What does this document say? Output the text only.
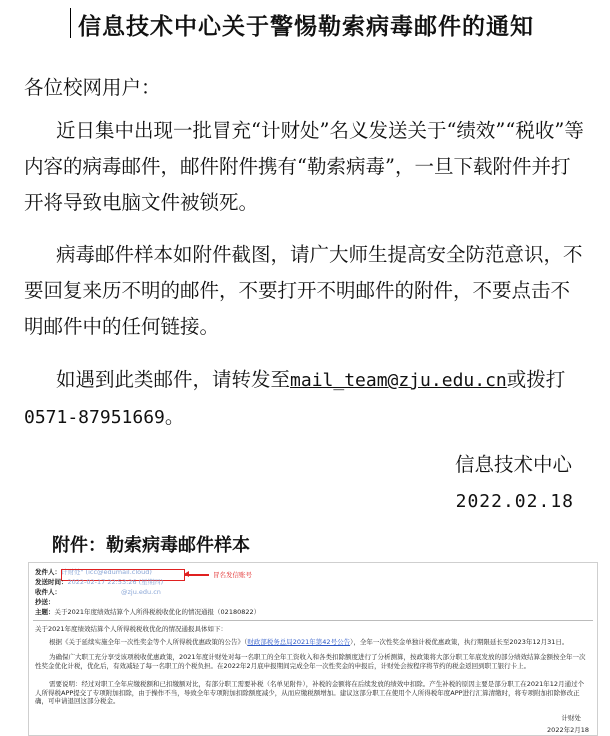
信息技术中心关于警惕勒索病毒邮件的通知
各位校网用户：
近日集中出现一批冒充“计财处”名义发送关于“绩效”“税收”等内容的病毒邮件，邮件附件携有“勒索病毒”，一旦下载附件并打开将导致电脑文件被锁死。
病毒邮件样本如附件截图，请广大师生提高安全防范意识，不要回复来历不明的邮件，不要打开不明邮件的附件，不要点击不明邮件中的任何链接。
如遇到此类邮件，请转发至mail_team@zju.edu.cn或拨打0571-87951669。
信息技术中心
2022.02.18
附件：勒索病毒邮件样本
发件人：计财处" (icc@edumail.cloud)	冒名发信账号
发送时间：2022-02-17 22:53:26 (星期四)
收件人：	@zju.edu.cn
抄送：
主题：关于2021年度绩效结算个人所得税税收优化的情况通报（02180822）
关于2021年度绩效结算个人所得税税收优化的情况通报具体如下：
根据《关于延续实施全年一次性奖金等个人所得税优惠政策的公告》（财政部税务总局2021年第42号公告），全年一次性奖金单独计税优惠政策，执行期限延长至2023年12月31日。
为确保广大职工充分享受该项税收优惠政策，2021年度计财处对每一名职工的全年工资收入和各类扣除额度进行了分析测算，按政策将大部分职工年底发放的部分绩效结算金额按全年一次性奖金优化计税，优化后，有效减轻了每一名职工的个税负担。在2022年2月底申报期间完成全年一次性奖金的申报后，计财处会按程序将节约的税金返回到职工银行卡上。
需要说明：经过对职工全年应缴税额和已扣缴额对比，有部分职工需要补税（名单见附件），补税的金额将在后续发放的绩效中扣除。产生补税的原因主要是部分职工在2021年12月通过个人所得税APP提交了专项附加扣除，由于操作不当，导致全年专项附加扣除额度减少，从而应缴税额增加。建议这部分职工在使用个人所得税年度APP进行汇算清缴时，将专项附加扣除修改正确，可申请退回这部分税金。
计财处
2022年2月18
